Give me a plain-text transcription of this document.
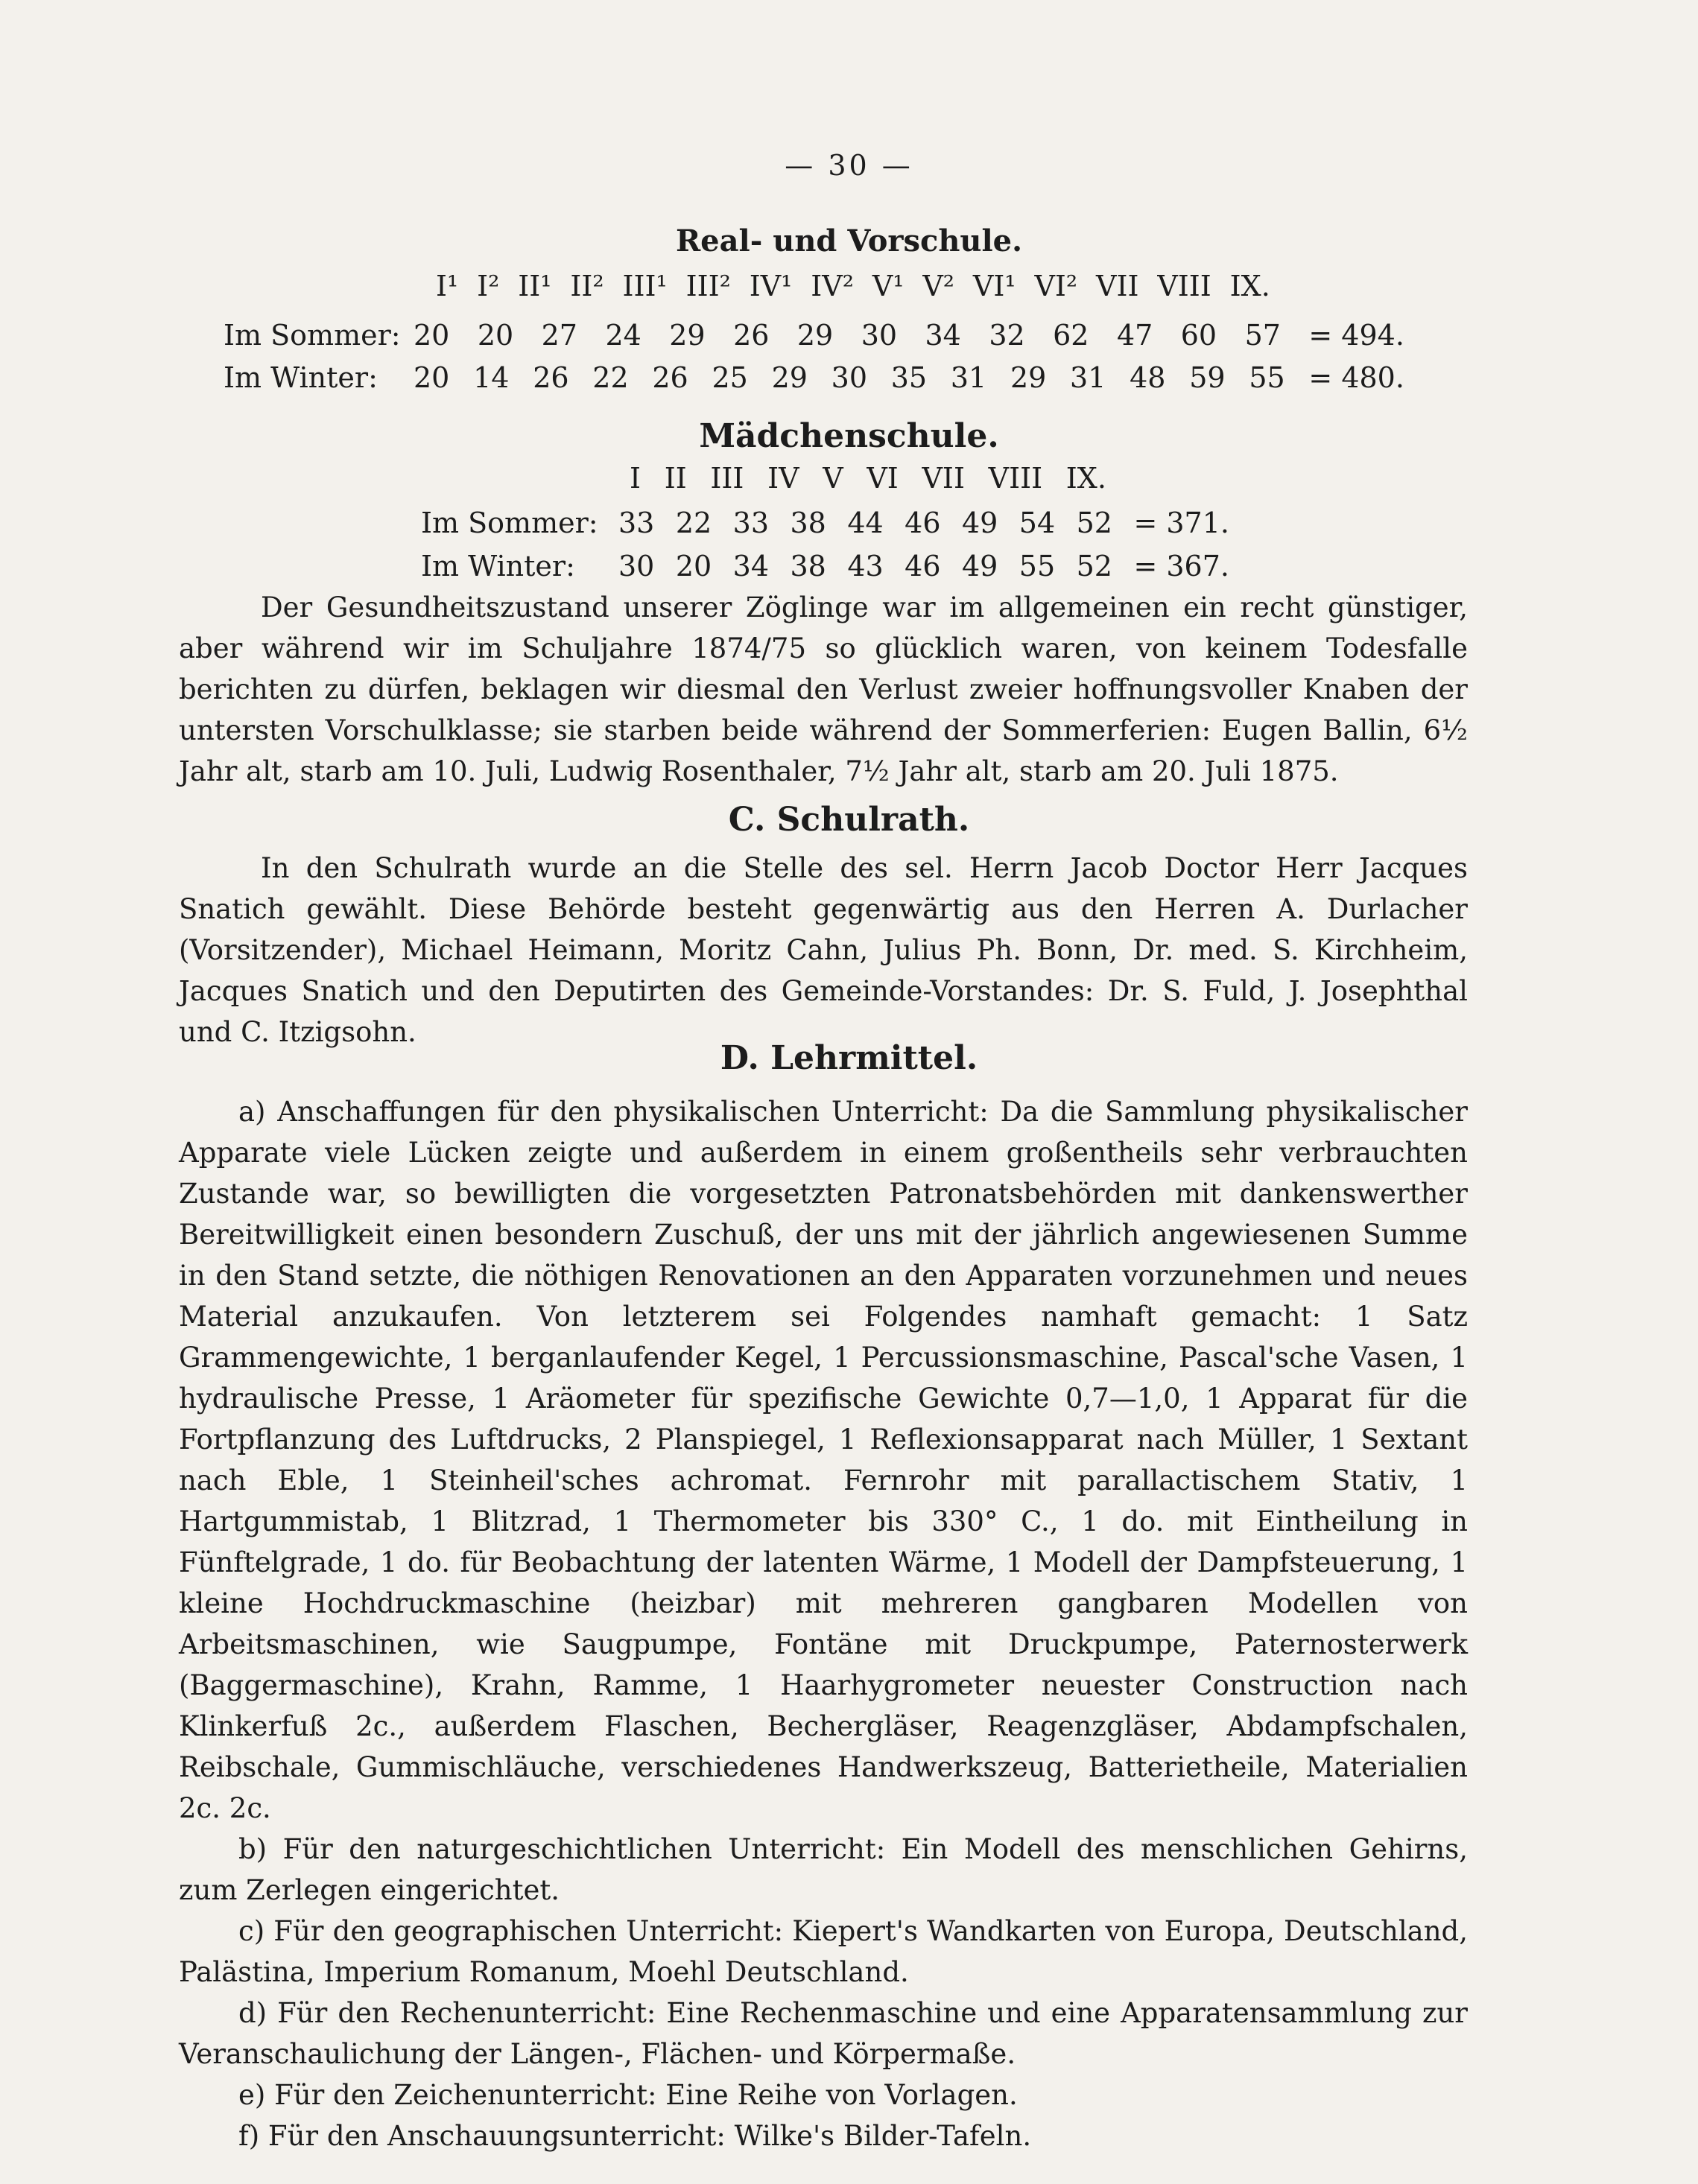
— 30 —
Real- und Vorschule.
I¹ I² II¹ II² III¹ III² IV¹ IV² V¹ V² VI¹ VI² VII VIII IX.
Im Sommer: 20 20 27 24 29 26 29 30 34 32 62 47 60 57 = 494.
Im Winter: 20 14 26 22 26 25 29 30 35 31 29 31 48 59 55 = 480.
Mädchenschule.
I II III IV V VI VII VIII IX.
Im Sommer: 33 22 33 38 44 46 49 54 52 = 371.
Im Winter: 30 20 34 38 43 46 49 55 52 = 367.

Der Gesundheitszustand unserer Zöglinge war im allgemeinen ein recht günstiger, aber während wir im Schuljahre 1874/75 so glücklich waren, von keinem Todesfalle berichten zu dürfen, beklagen wir diesmal den Verlust zweier hoffnungsvoller Knaben der untersten Vorschulklasse; sie starben beide während der Sommerferien: Eugen Ballin, 6½ Jahr alt, starb am 10. Juli, Ludwig Rosenthaler, 7½ Jahr alt, starb am 20. Juli 1875.

C. Schulrath.

In den Schulrath wurde an die Stelle des sel. Herrn Jacob Doctor Herr Jacques Snatich gewählt. Diese Behörde besteht gegenwärtig aus den Herren A. Durlacher (Vorsitzender), Michael Heimann, Moritz Cahn, Julius Ph. Bonn, Dr. med. S. Kirchheim, Jacques Snatich und den Deputirten des Gemeinde-Vorstandes: Dr. S. Fuld, J. Josephthal und C. Itzigsohn.

D. Lehrmittel.

a) Anschaffungen für den physikalischen Unterricht: Da die Sammlung physikalischer Apparate viele Lücken zeigte und außerdem in einem großentheils sehr verbrauchten Zustande war, so bewilligten die vorgesetzten Patronatsbehörden mit dankenswerther Bereitwilligkeit einen besondern Zuschuß, der uns mit der jährlich angewiesenen Summe in den Stand setzte, die nöthigen Renovationen an den Apparaten vorzunehmen und neues Material anzukaufen. Von letzterem sei Folgendes namhaft gemacht: 1 Satz Grammengewichte, 1 berganlaufender Kegel, 1 Percussionsmaschine, Pascal'sche Vasen, 1 hydraulische Presse, 1 Aräometer für spezifische Gewichte 0,7—1,0, 1 Apparat für die Fortpflanzung des Luftdrucks, 2 Planspiegel, 1 Reflexionsapparat nach Müller, 1 Sextant nach Eble, 1 Steinheil'sches achromat. Fernrohr mit parallactischem Stativ, 1 Hartgummistab, 1 Blitzrad, 1 Thermometer bis 330° C., 1 do. mit Eintheilung in Fünftelgrade, 1 do. für Beobachtung der latenten Wärme, 1 Modell der Dampfsteuerung, 1 kleine Hochdruckmaschine (heizbar) mit mehreren gangbaren Modellen von Arbeitsmaschinen, wie Saugpumpe, Fontäne mit Druckpumpe, Paternosterwerk (Baggermaschine), Krahn, Ramme, 1 Haarhygrometer neuester Construction nach Klinkerfuß 2c., außerdem Flaschen, Bechergläser, Reagenzgläser, Abdampfschalen, Reibschale, Gummischläuche, verschiedenes Handwerkszeug, Batterietheile, Materialien 2c. 2c.

b) Für den naturgeschichtlichen Unterricht: Ein Modell des menschlichen Gehirns, zum Zerlegen eingerichtet.

c) Für den geographischen Unterricht: Kiepert's Wandkarten von Europa, Deutschland, Palästina, Imperium Romanum, Moehl Deutschland.

d) Für den Rechenunterricht: Eine Rechenmaschine und eine Apparatensammlung zur Veranschaulichung der Längen-, Flächen- und Körpermaße.

e) Für den Zeichenunterricht: Eine Reihe von Vorlagen.

f) Für den Anschauungsunterricht: Wilke's Bilder-Tafeln.
